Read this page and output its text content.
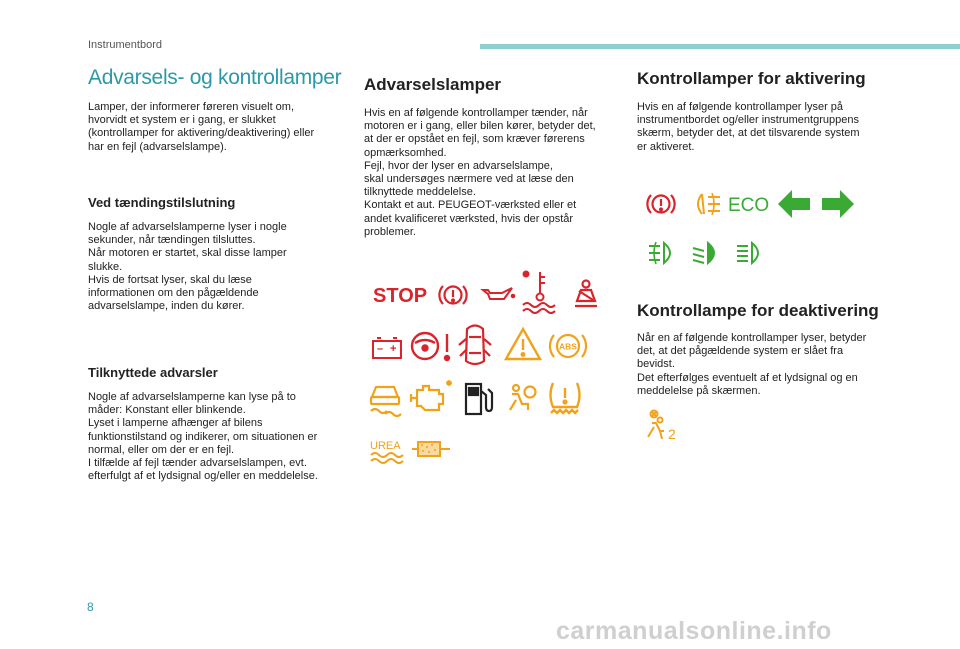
Instrumentbord
Advarsels- og kontrollamper

Lamper, der informerer føreren visuelt om,
hvorvidt et system er i gang, er slukket
(kontrollamper for aktivering/deaktivering) eller
har en fejl (advarselslampe).

Ved tændingstilslutning

Nogle af advarselslamperne lyser i nogle
sekunder, når tændingen tilsluttes.
Når motoren er startet, skal disse lamper
slukke.
Hvis de fortsat lyser, skal du læse
informationen om den pågældende
advarselslampe, inden du kører.

Tilknyttede advarsler

Nogle af advarselslamperne kan lyse på to
måder: Konstant eller blinkende.
Lyset i lamperne afhænger af bilens
funktionstilstand og indikerer, om situationen er
normal, eller om der er en fejl.
I tilfælde af fejl tænder advarselslampen, evt.
efterfulgt af et lydsignal og/eller en meddelelse.

Advarselslamper

Hvis en af følgende kontrollamper tænder, når
motoren er i gang, eller bilen kører, betyder det,
at der er opstået en fejl, som kræver førerens
opmærksomhed.
Fejl, hvor der lyser en advarselslampe,
skal undersøges nærmere ved at læse den
tilknyttede meddelelse.
Kontakt et aut. PEUGEOT-værksted eller et
andet kvalificeret værksted, hvis der opstår
problemer.

STOP
– +	ABS
UREA
Kontrollamper for aktivering

Hvis en af følgende kontrollamper lyser på
instrumentbordet og/eller instrumentgruppens
skærm, betyder det, at det tilsvarende system
er aktiveret.

ECO
Kontrollampe for deaktivering

Når en af følgende kontrollamper lyser, betyder
det, at det pågældende system er slået fra
bevidst.
Det efterfølges eventuelt af et lydsignal og en
meddelelse på skærmen.

2
8
carmanualsonline.info
